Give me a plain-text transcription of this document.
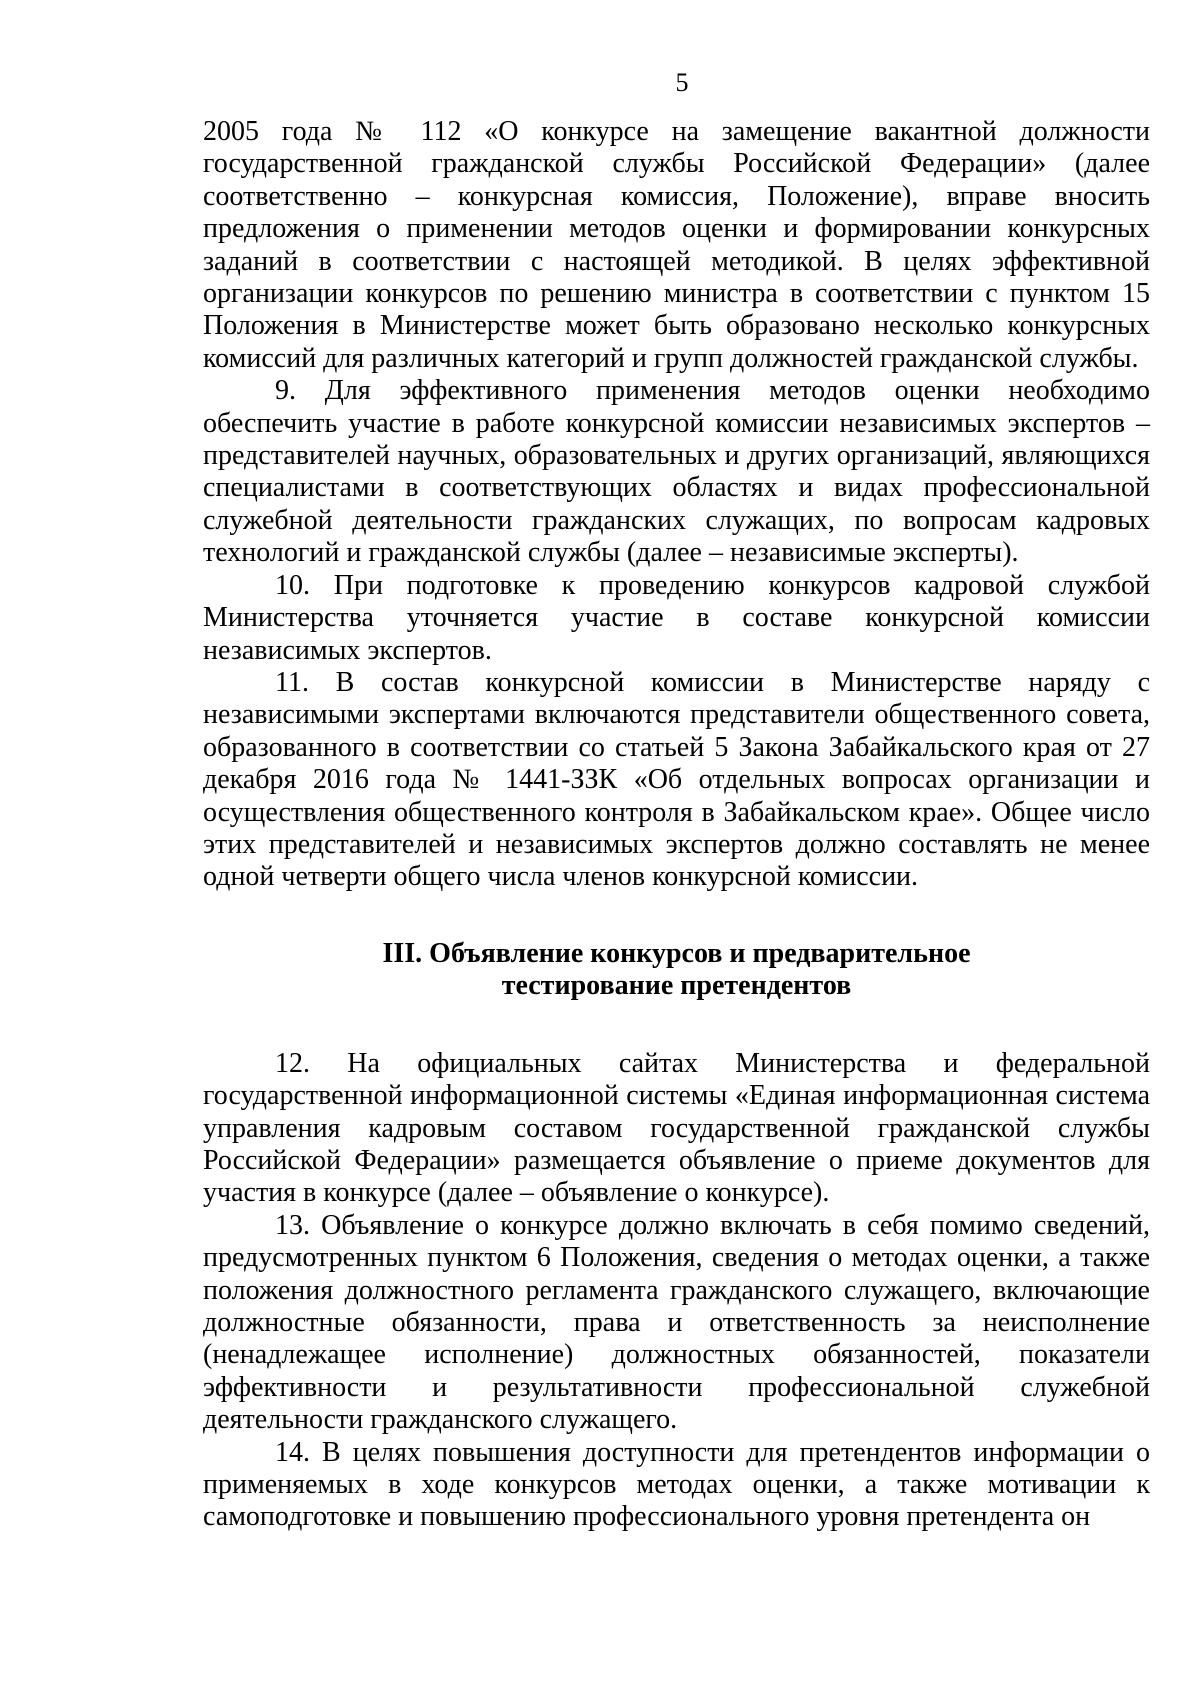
5

2005 года № 112 «О конкурсе на замещение вакантной должности государственной гражданской службы Российской Федерации» (далее соответственно – конкурсная комиссия, Положение), вправе вносить предложения о применении методов оценки и формировании конкурсных заданий в соответствии с настоящей методикой. В целях эффективной организации конкурсов по решению министра в соответствии с пунктом 15 Положения в Министерстве может быть образовано несколько конкурсных комиссий для различных категорий и групп должностей гражданской службы.

9. Для эффективного применения методов оценки необходимо обеспечить участие в работе конкурсной комиссии независимых экспертов – представителей научных, образовательных и других организаций, являющихся специалистами в соответствующих областях и видах профессиональной служебной деятельности гражданских служащих, по вопросам кадровых технологий и гражданской службы (далее – независимые эксперты).

10. При подготовке к проведению конкурсов кадровой службой Министерства уточняется участие в составе конкурсной комиссии независимых экспертов.

11. В состав конкурсной комиссии в Министерстве наряду с независимыми экспертами включаются представители общественного совета, образованного в соответствии со статьей 5 Закона Забайкальского края от 27 декабря 2016 года № 1441-ЗЗК «Об отдельных вопросах организации и осуществления общественного контроля в Забайкальском крае». Общее число этих представителей и независимых экспертов должно составлять не менее одной четверти общего числа членов конкурсной комиссии.

III. Объявление конкурсов и предварительное
тестирование претендентов

12. На официальных сайтах Министерства и федеральной государственной информационной системы «Единая информационная система управления кадровым составом государственной гражданской службы Российской Федерации» размещается объявление о приеме документов для участия в конкурсе (далее – объявление о конкурсе).

13. Объявление о конкурсе должно включать в себя помимо сведений, предусмотренных пунктом 6 Положения, сведения о методах оценки, а также положения должностного регламента гражданского служащего, включающие должностные обязанности, права и ответственность за неисполнение (ненадлежащее исполнение) должностных обязанностей, показатели эффективности и результативности профессиональной служебной деятельности гражданского служащего.

14. В целях повышения доступности для претендентов информации о применяемых в ходе конкурсов методах оценки, а также мотивации к самоподготовке и повышению профессионального уровня претендента он
